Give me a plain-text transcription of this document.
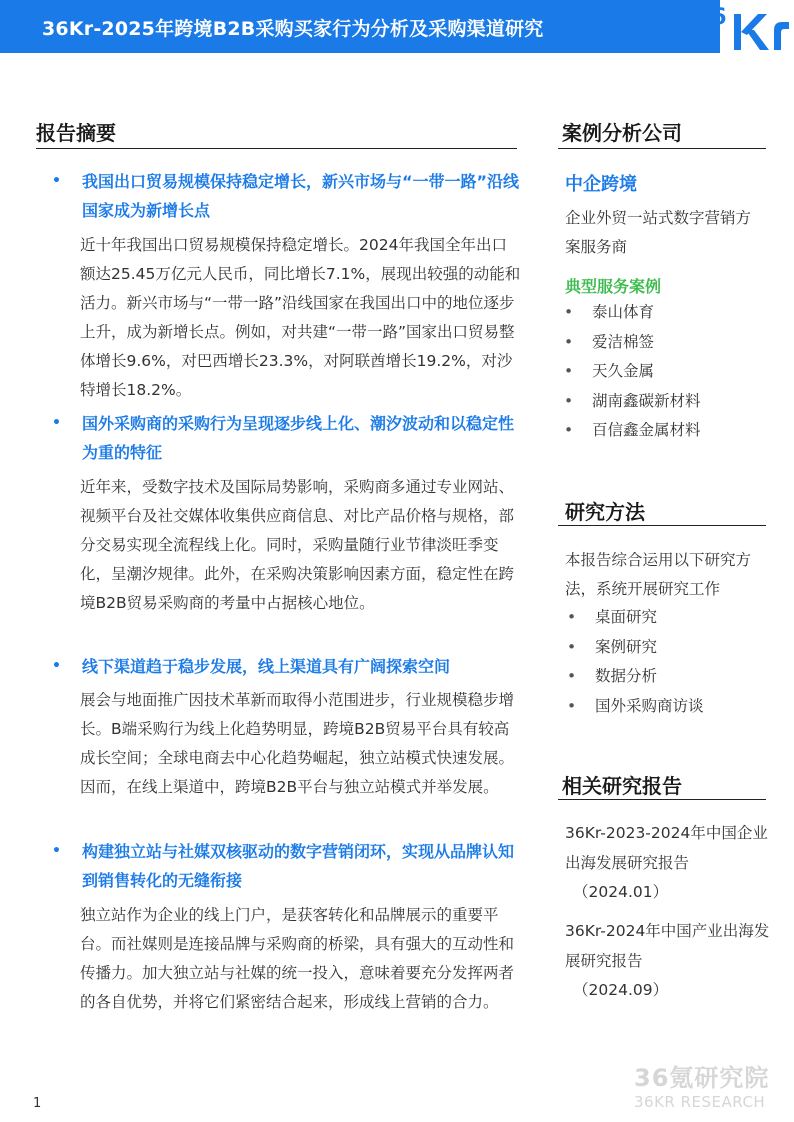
36Kr-2025年跨境B2B采购买家行为分析及采购渠道研究	36
报告摘要
• 我国出口贸易规模保持稳定增长，新兴市场与“一带一路”沿线国家成为新增长点
近十年我国出口贸易规模保持稳定增长。2024年我国全年出口额达25.45万亿元人民币，同比增长7.1%，展现出较强的动能和活力。新兴市场与“一带一路”沿线国家在我国出口中的地位逐步上升，成为新增长点。例如，对共建“一带一路”国家出口贸易整体增长9.6%，对巴西增长23.3%，对阿联酋增长19.2%，对沙特增长18.2%。
• 国外采购商的采购行为呈现逐步线上化、潮汐波动和以稳定性为重的特征
近年来，受数字技术及国际局势影响，采购商多通过专业网站、视频平台及社交媒体收集供应商信息、对比产品价格与规格，部分交易实现全流程线上化。同时，采购量随行业节律淡旺季变化，呈潮汐规律。此外，在采购决策影响因素方面，稳定性在跨境B2B贸易采购商的考量中占据核心地位。
• 线下渠道趋于稳步发展，线上渠道具有广阔探索空间
展会与地面推广因技术革新而取得小范围进步，行业规模稳步增长。B端采购行为线上化趋势明显，跨境B2B贸易平台具有较高成长空间；全球电商去中心化趋势崛起，独立站模式快速发展。因而，在线上渠道中，跨境B2B平台与独立站模式并举发展。
• 构建独立站与社媒双核驱动的数字营销闭环，实现从品牌认知到销售转化的无缝衔接
独立站作为企业的线上门户，是获客转化和品牌展示的重要平台。而社媒则是连接品牌与采购商的桥梁，具有强大的互动性和传播力。加大独立站与社媒的统一投入，意味着要充分发挥两者的各自优势，并将它们紧密结合起来，形成线上营销的合力。
案例分析公司
中企跨境
企业外贸一站式数字营销方案服务商
典型服务案例
• 泰山体育
• 爱洁棉签
• 天久金属
• 湖南鑫碳新材料
• 百信鑫金属材料
研究方法
本报告综合运用以下研究方法，系统开展研究工作
• 桌面研究
• 案例研究
• 数据分析
• 国外采购商访谈
相关研究报告
36Kr-2023-2024年中国企业出海发展研究报告
（2024.01）
36Kr-2024年中国产业出海发展研究报告
（2024.09）
36氪研究院
36KR RESEARCH
1
